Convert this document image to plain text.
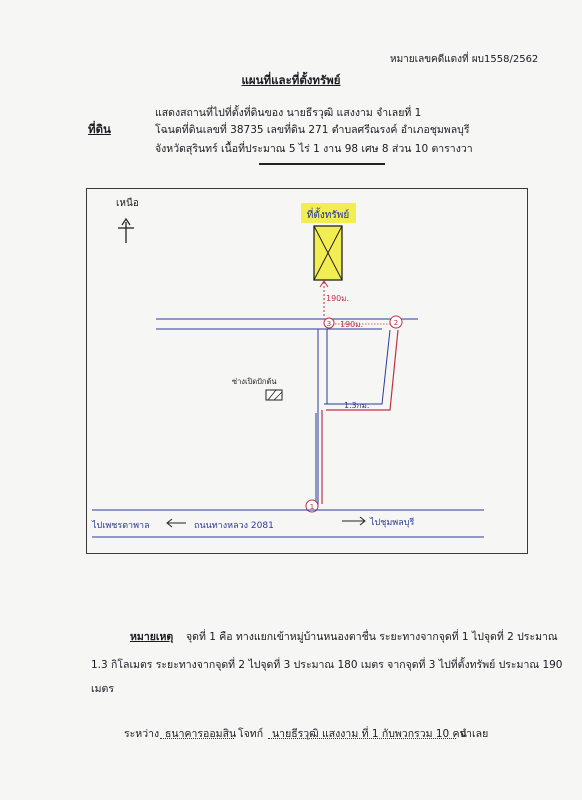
หมายเลขคดีแดงที่ ผบ1558/2562
แผนที่และที่ตั้งทรัพย์
แสดงสถานที่ไปที่ตั้งที่ดินของ นายธีรวุฒิ แสงงาม จำเลยที่ 1
ที่ดิน	โฉนดที่ดินเลขที่ 38735 เลขที่ดิน 271 ตำบลศรีณรงค์ อำเภอชุมพลบุรี
จังหวัดสุรินทร์ เนื้อที่ประมาณ 5 ไร่ 1 งาน 98 เศษ 8 ส่วน 10 ตารางวา
เหนือ
ที่ตั้งทรัพย์
190ม.
190ม.
3	2
1.3กม.
ซ่างเปิดปักต้น
1
ไปเพชรตาพาล	ถนนทางหลวง 2081	ไปชุมพลบุรี
หมายเหตุ จุดที่ 1 คือ ทางแยกเข้าหมู่บ้านหนองตาชื่น ระยะทางจากจุดที่ 1 ไปจุดที่ 2 ประมาณ
1.3 กิโลเมตร ระยะทางจากจุดที่ 2 ไปจุดที่ 3 ประมาณ 180 เมตร จากจุดที่ 3 ไปที่ตั้งทรัพย์ ประมาณ 190
เมตร
ระหว่าง ธนาคารออมสิน โจทก์ นายธีรวุฒิ แสงงาม ที่ 1 กับพวกรวม 10 คน
จำเลย
